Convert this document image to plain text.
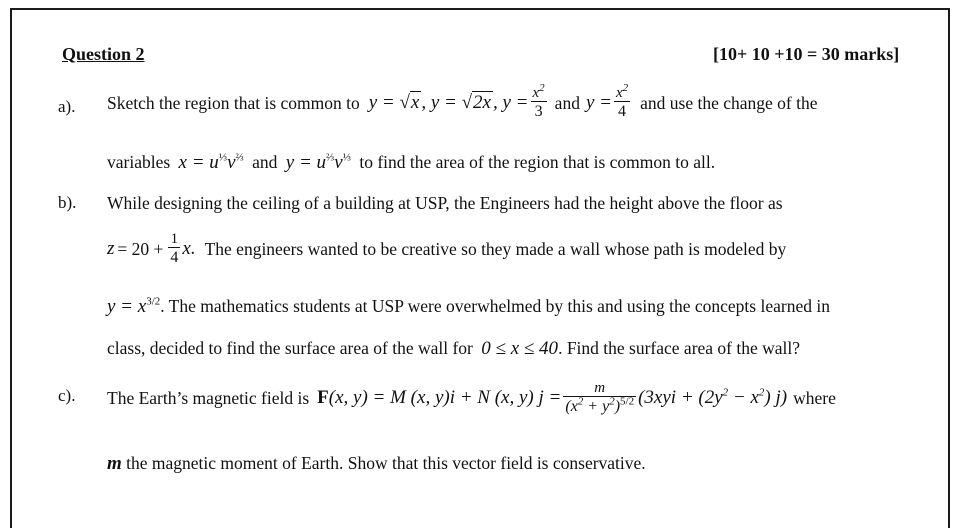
Question 2	[10+ 10 +10 = 30 marks]
a). Sketch the region that is common to y = √x , y = √2x , $y = \frac{x^2}{3}$ and $y = \frac{x^2}{4}$ and use the change of the
variables $x = u^{\frac{1}{3}}v^{\frac{2}{3}}$ and $y = u^{\frac{2}{3}}v^{\frac{1}{3}}$ to find the area of the region that is common to all.
b). While designing the ceiling of a building at USP, the Engineers had the height above the floor as
$z = 20 + \frac{1}{4} x$. The engineers wanted to be creative so they made a wall whose path is modeled by
$y = x^{3/2}$. The mathematics students at USP were overwhelmed by this and using the concepts learned in
class, decided to find the surface area of the wall for 0 ≤ x ≤ 40. Find the surface area of the wall?
c). The Earth’s magnetic field is F(x, y) = M (x, y)i + N (x, y) $j = \frac{m}{(x^2 + y^2)^{5/2}} (3xyi + (2y^2 - x^2)$ j) where
m the magnetic moment of Earth. Show that this vector field is conservative.
